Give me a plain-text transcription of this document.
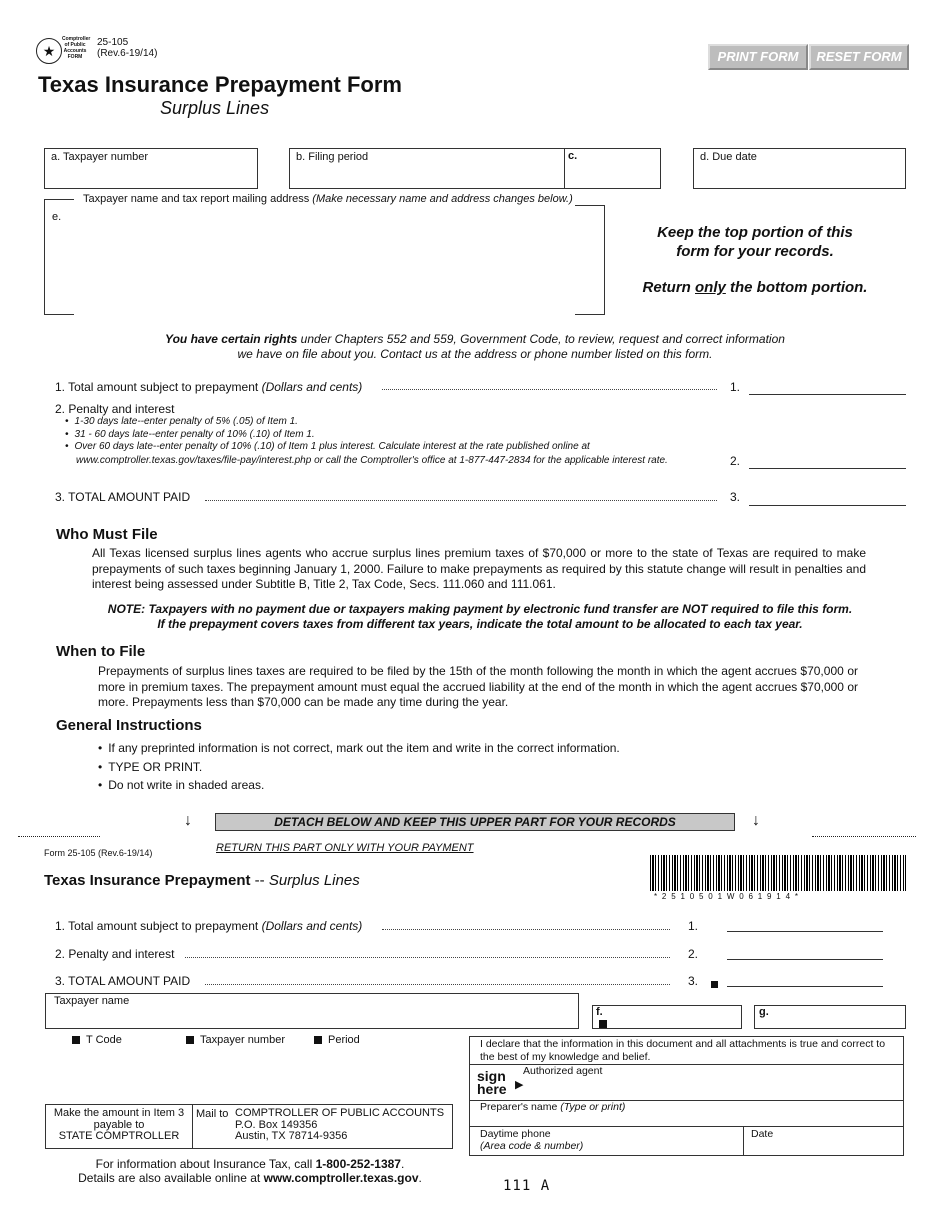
★
Comptroller of Public Accounts FORM
25-105
(Rev.6-19/14)
Texas Insurance Prepayment Form
Surplus Lines
PRINT FORM	RESET FORM
a. Taxpayer number	b. Filing period	c.	d. Due date
Taxpayer name and tax report mailing address (Make necessary name and address changes below.)
e.
Keep the top portion of this
form for your records.
Return only the bottom portion.
You have certain rights under Chapters 552 and 559, Government Code, to review, request and correct information
we have on file about you. Contact us at the address or phone number listed on this form.
1. Total amount subject to prepayment (Dollars and cents)	1.
2. Penalty and interest
• 1-30 days late--enter penalty of 5% (.05) of Item 1.
• 31 - 60 days late--enter penalty of 10% (.10) of Item 1.
• Over 60 days late--enter penalty of 10% (.10) of Item 1 plus interest. Calculate interest at the rate published online at
www.comptroller.texas.gov/taxes/file-pay/interest.php or call the Comptroller's office at 1-877-447-2834 for the applicable interest rate.	2.
3. TOTAL AMOUNT PAID	3.
Who Must File
All Texas licensed surplus lines agents who accrue surplus lines premium taxes of $70,000 or more to the state of Texas are required to make prepayments of such taxes beginning January 1, 2000. Failure to make prepayments as required by this statute change will result in penalties and interest being assessed under Subtitle B, Title 2, Tax Code, Secs. 111.060 and 111.061.
NOTE: Taxpayers with no payment due or taxpayers making payment by electronic fund transfer are NOT required to file this form.
If the prepayment covers taxes from different tax years, indicate the total amount to be allocated to each tax year.
When to File
Prepayments of surplus lines taxes are required to be filed by the 15th of the month following the month in which the agent accrues $70,000 or more in premium taxes. The prepayment amount must equal the accrued liability at the end of the month in which the agent accrues $70,000 or more. Prepayments less than $70,000 can be made any time during the year.
General Instructions
• If any preprinted information is not correct, mark out the item and write in the correct information.
• TYPE OR PRINT.
• Do not write in shaded areas.
↓	DETACH BELOW AND KEEP THIS UPPER PART FOR YOUR RECORDS	↓
Form 25-105 (Rev.6-19/14)	RETURN THIS PART ONLY WITH YOUR PAYMENT
Texas Insurance Prepayment -- Surplus Lines
* 2 5 1 0 5 0 1 W 0 6 1 9 1 4 *
1. Total amount subject to prepayment (Dollars and cents)	1.
2. Penalty and interest	2.
3. TOTAL AMOUNT PAID	3.
Taxpayer name
f.	g.
T Code	Taxpayer number	Period	I declare that the information in this document and all attachments is true and correct to the best of my knowledge and belief.
sign
here ▶
Authorized agent
Preparer's name (Type or print)
Daytime phone
(Area code & number)
Date
Make the amount in Item 3
payable to
STATE COMPTROLLER
Mail to COMPTROLLER OF PUBLIC ACCOUNTS
P.O. Box 149356
Austin, TX 78714-9356
For information about Insurance Tax, call 1-800-252-1387.
Details are also available online at www.comptroller.texas.gov.	111 A
